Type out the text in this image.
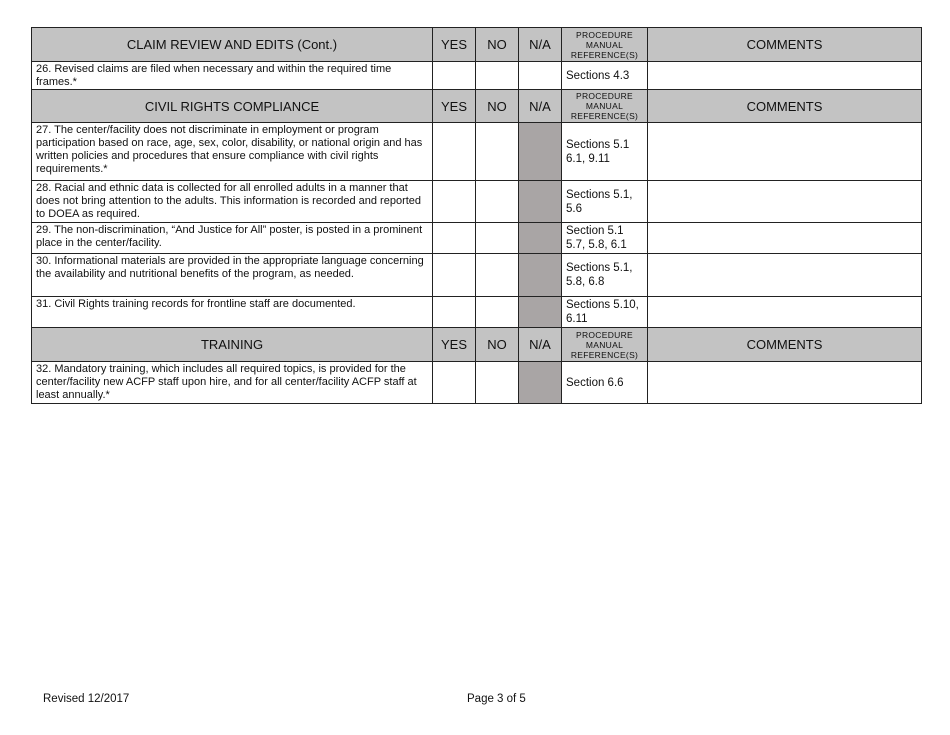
CLAIM REVIEW AND EDITS (Cont.)	YES	NO	N/A	PROCEDURE MANUAL REFERENCE(S)	COMMENTS
26. Revised claims are filed when necessary and within the required time frames.*				Sections 4.3	
CIVIL RIGHTS COMPLIANCE	YES	NO	N/A	PROCEDURE MANUAL REFERENCE(S)	COMMENTS
27. The center/facility does not discriminate in employment or program participation based on race, age, sex, color, disability, or national origin and has written policies and procedures that ensure compliance with civil rights requirements.*				Sections 5.1 6.1, 9.11	
28. Racial and ethnic data is collected for all enrolled adults in a manner that does not bring attention to the adults. This information is recorded and reported to DOEA as required.				Sections 5.1, 5.6	
29. The non-discrimination, “And Justice for All” poster, is posted in a prominent place in the center/facility.				Section 5.1 5.7, 5.8, 6.1	
30. Informational materials are provided in the appropriate language concerning the availability and nutritional benefits of the program, as needed.				Sections 5.1, 5.8, 6.8	
31. Civil Rights training records for frontline staff are documented.				Sections 5.10, 6.11	
TRAINING	YES	NO	N/A	PROCEDURE MANUAL REFERENCE(S)	COMMENTS
32. Mandatory training, which includes all required topics, is provided for the center/facility new ACFP staff upon hire, and for all center/facility ACFP staff at least annually.*				Section 6.6	
Revised 12/2017	Page 3 of 5
